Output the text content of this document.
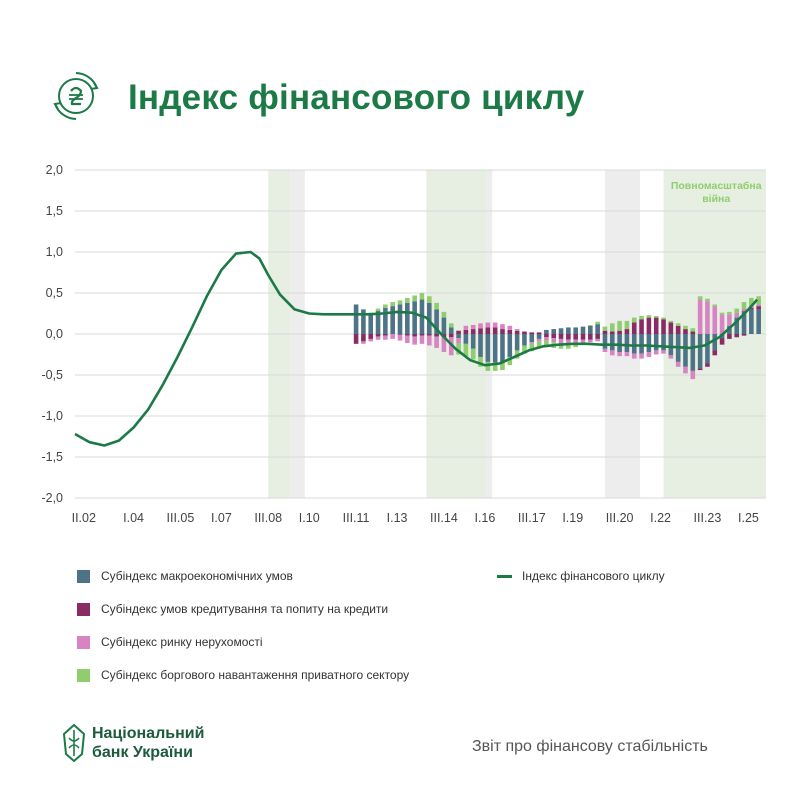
Індекс фінансового циклу
2,0
1,5
1,0
0,5
0,0
-0,5
-1,0
-1,5
-2,0
II.02 I.04 III.05 I.07 III.08 I.10 III.11 I.13 III.14 I.16 III.17 I.19 III.20 I.22 III.23 I.25
Повномасштабна
війна
Субіндекс макроекономічних умов
Субіндекс умов кредитування та попиту на кредити
Субіндекс ринку нерухомості
Субіндекс боргового навантаження приватного сектору
Індекс фінансового циклу
Національний
банк України	Звіт про фінансову стабільність
